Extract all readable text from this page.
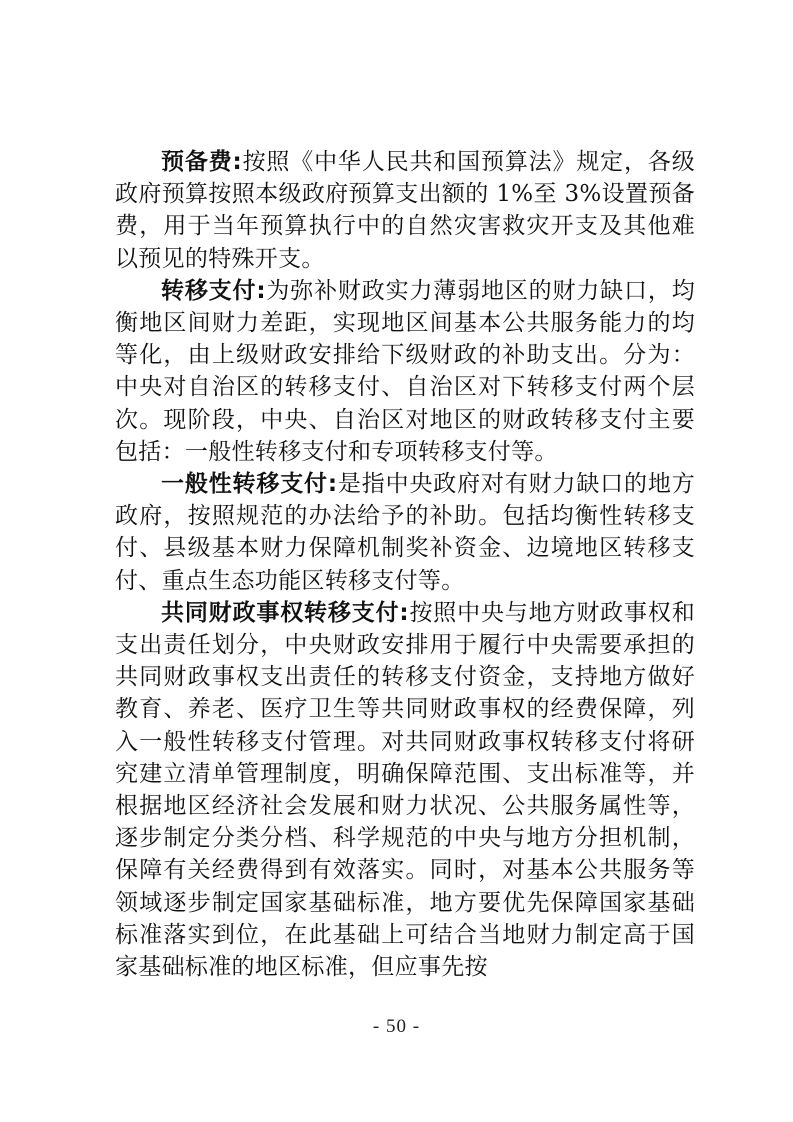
预备费:按照《中华人民共和国预算法》规定，各级政府预算按照本级政府预算支出额的 1%至 3%设置预备费，用于当年预算执行中的自然灾害救灾开支及其他难以预见的特殊开支。

转移支付:为弥补财政实力薄弱地区的财力缺口，均衡地区间财力差距，实现地区间基本公共服务能力的均等化，由上级财政安排给下级财政的补助支出。分为：中央对自治区的转移支付、自治区对下转移支付两个层次。现阶段，中央、自治区对地区的财政转移支付主要包括：一般性转移支付和专项转移支付等。

一般性转移支付:是指中央政府对有财力缺口的地方政府，按照规范的办法给予的补助。包括均衡性转移支付、县级基本财力保障机制奖补资金、边境地区转移支付、重点生态功能区转移支付等。

共同财政事权转移支付:按照中央与地方财政事权和支出责任划分，中央财政安排用于履行中央需要承担的共同财政事权支出责任的转移支付资金，支持地方做好教育、养老、医疗卫生等共同财政事权的经费保障，列入一般性转移支付管理。对共同财政事权转移支付将研究建立清单管理制度，明确保障范围、支出标准等，并根据地区经济社会发展和财力状况、公共服务属性等，逐步制定分类分档、科学规范的中央与地方分担机制，保障有关经费得到有效落实。同时，对基本公共服务等领域逐步制定国家基础标准，地方要优先保障国家基础标准落实到位，在此基础上可结合当地财力制定高于国家基础标准的地区标准，但应事先按

- 50 -
